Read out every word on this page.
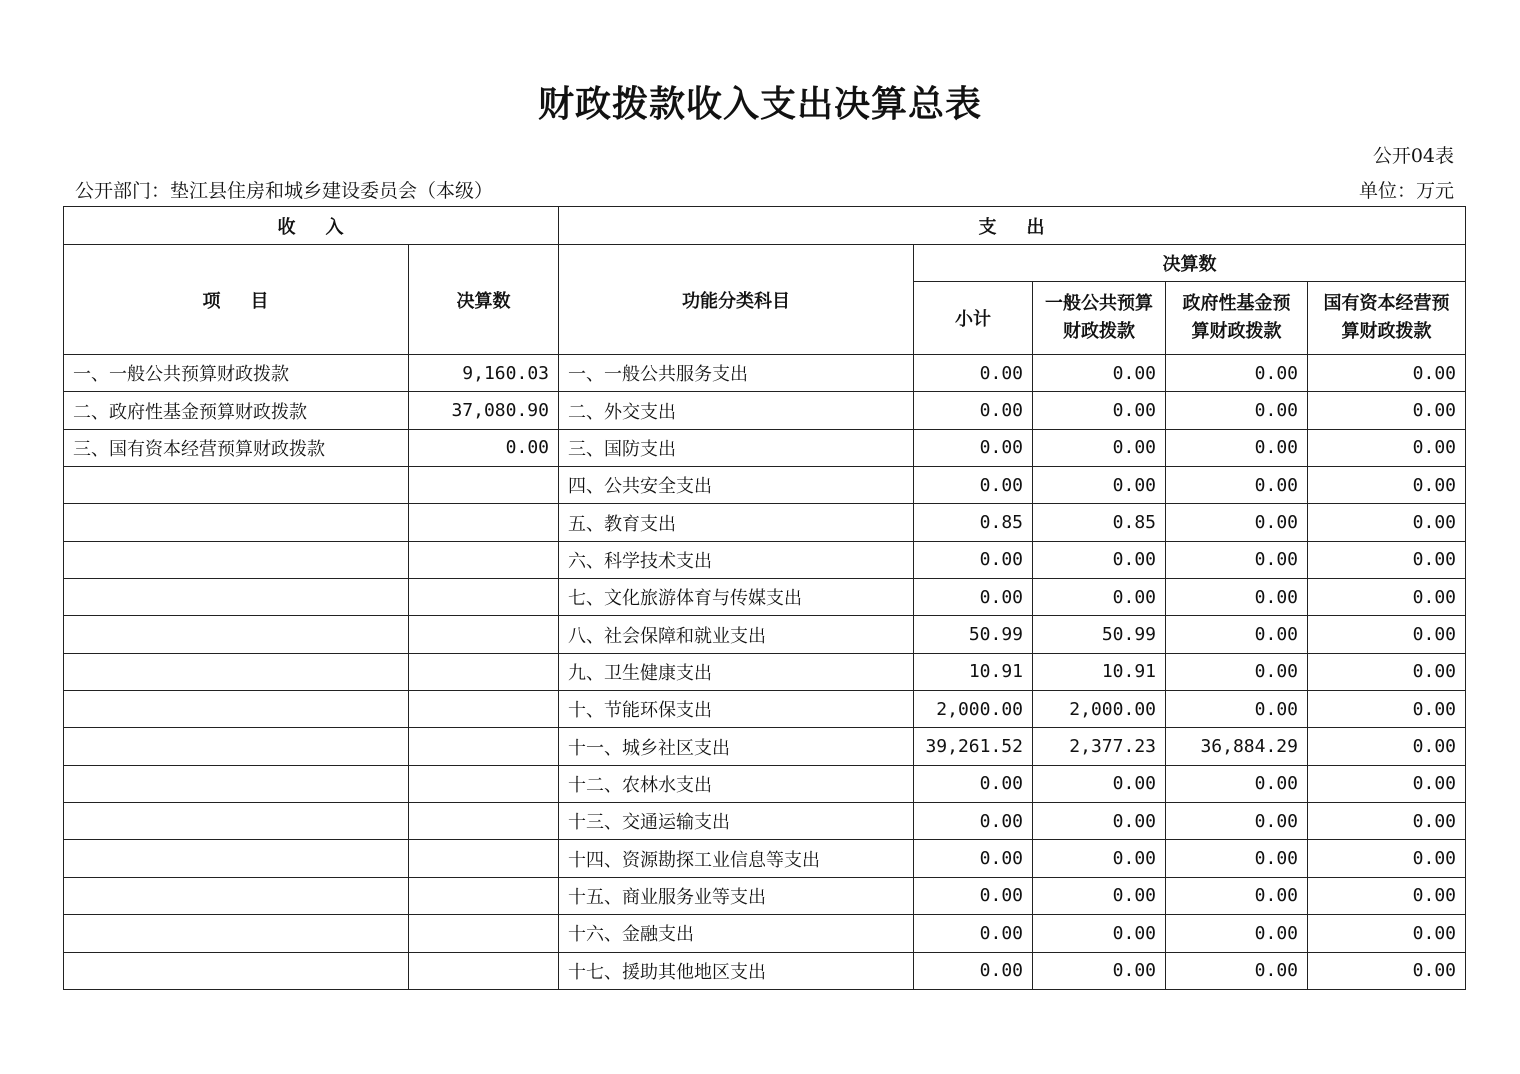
财政拨款收入支出决算总表
公开04表
公开部门：垫江县住房和城乡建设委员会（本级）	单位：万元
收入		支出				
项目	决算数	功能分类科目	决算数			
			小计	一般公共预算财政拨款	政府性基金预算财政拨款	国有资本经营预算财政拨款
一、一般公共预算财政拨款	9,160.03	一、一般公共服务支出	0.00	0.00	0.00	0.00
二、政府性基金预算财政拨款	37,080.90	二、外交支出	0.00	0.00	0.00	0.00
三、国有资本经营预算财政拨款	0.00	三、国防支出	0.00	0.00	0.00	0.00
		四、公共安全支出	0.00	0.00	0.00	0.00
		五、教育支出	0.85	0.85	0.00	0.00
		六、科学技术支出	0.00	0.00	0.00	0.00
		七、文化旅游体育与传媒支出	0.00	0.00	0.00	0.00
		八、社会保障和就业支出	50.99	50.99	0.00	0.00
		九、卫生健康支出	10.91	10.91	0.00	0.00
		十、节能环保支出	2,000.00	2,000.00	0.00	0.00
		十一、城乡社区支出	39,261.52	2,377.23	36,884.29	0.00
		十二、农林水支出	0.00	0.00	0.00	0.00
		十三、交通运输支出	0.00	0.00	0.00	0.00
		十四、资源勘探工业信息等支出	0.00	0.00	0.00	0.00
		十五、商业服务业等支出	0.00	0.00	0.00	0.00
		十六、金融支出	0.00	0.00	0.00	0.00
		十七、援助其他地区支出	0.00	0.00	0.00	0.00
